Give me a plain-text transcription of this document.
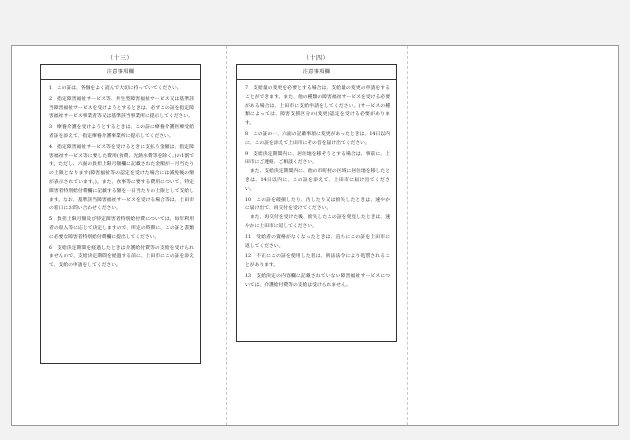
（十三）
注意事項欄

1　この証は、各個をよく読んで大切に持っていてください。

2　指定障害福祉サービス等、共生型障害福祉サービス又は基準該当障害福祉サービスを受けようとするときは、必ずこの証を指定障害福祉サービス事業者等又は基準該当事業所に提示してください。

3　療養介護を受けようとするときは、この証に療養介護医療受給者証を添えて、指定療養介護事業所に提示してください。

4　指定障害福祉サービス等を受けるときに支払う金額は、指定障害福祉サービス等に要した費用(食費、光熱水費等を除く。)の1割です。ただし、六面の負担上限月額欄に記載された金額が一月当たりの上限となります(障害福祉等の認定を受けた場合には減免後の額が表示されています。)。また、食事等に要する費用について、特定障害者特別給付費欄に記載する額を一日当たりの上限として支給します。なお、基準該当障害福祉サービスを受ける場合等は、上田市の窓口にお問い合わせください。

5　負担上限月額及び特定障害者特別給付費については、毎年利用者の収入等に応じて決定しますので、所定の時期に、この証と書類に必要な障害者特別給付費欄に提出してください。

6　支給決定期間を経過したときは介護給付費等の支給を受けられませんので、支給決定期間を経過する前に、上田市にこの証を添えて、支給の申請をしてください。

（十四）
注意事項欄

7　支給量の変更を必要とする場合は、支給量の変更の申請をすることができます。また、他の種類の障害福祉サービスを受ける必要がある場合は、上田市に支給申請をしてください。(サービスの種類によっては、障害支援区分の(変更)認定を受ける必要があります。

8　この証の一、六面の記載事項に変更があったときは、14日以内に、この証を添えて上田市にその旨を届け出てください。

9　支給決定期間内に、居住地を移そうとする場合は、事前に、上田市にご連絡、ご相談ください。

　また、支給決定期間内に、他の市町村の区域に居住地を移したときは、14日以内に、この証を添えて、上田市に届け出てください。

10　この証を破損したり、汚したり又は紛失したときは、速やかに届け出て、再交付を受けてください。

　また、再交付を受けた後、紛失したこの証を発見したときは、速やかに上田市に返してください。

11　受給者の資格がなくなったときは、直ちにこの証を上田市に返してください。

12　不正にこの証を使用した者は、刑法法令により処罰されることがあります。

13　支給決定の内容欄に記載されていない障害福祉サービスについては、介護給付費等の支給は受けられません。
